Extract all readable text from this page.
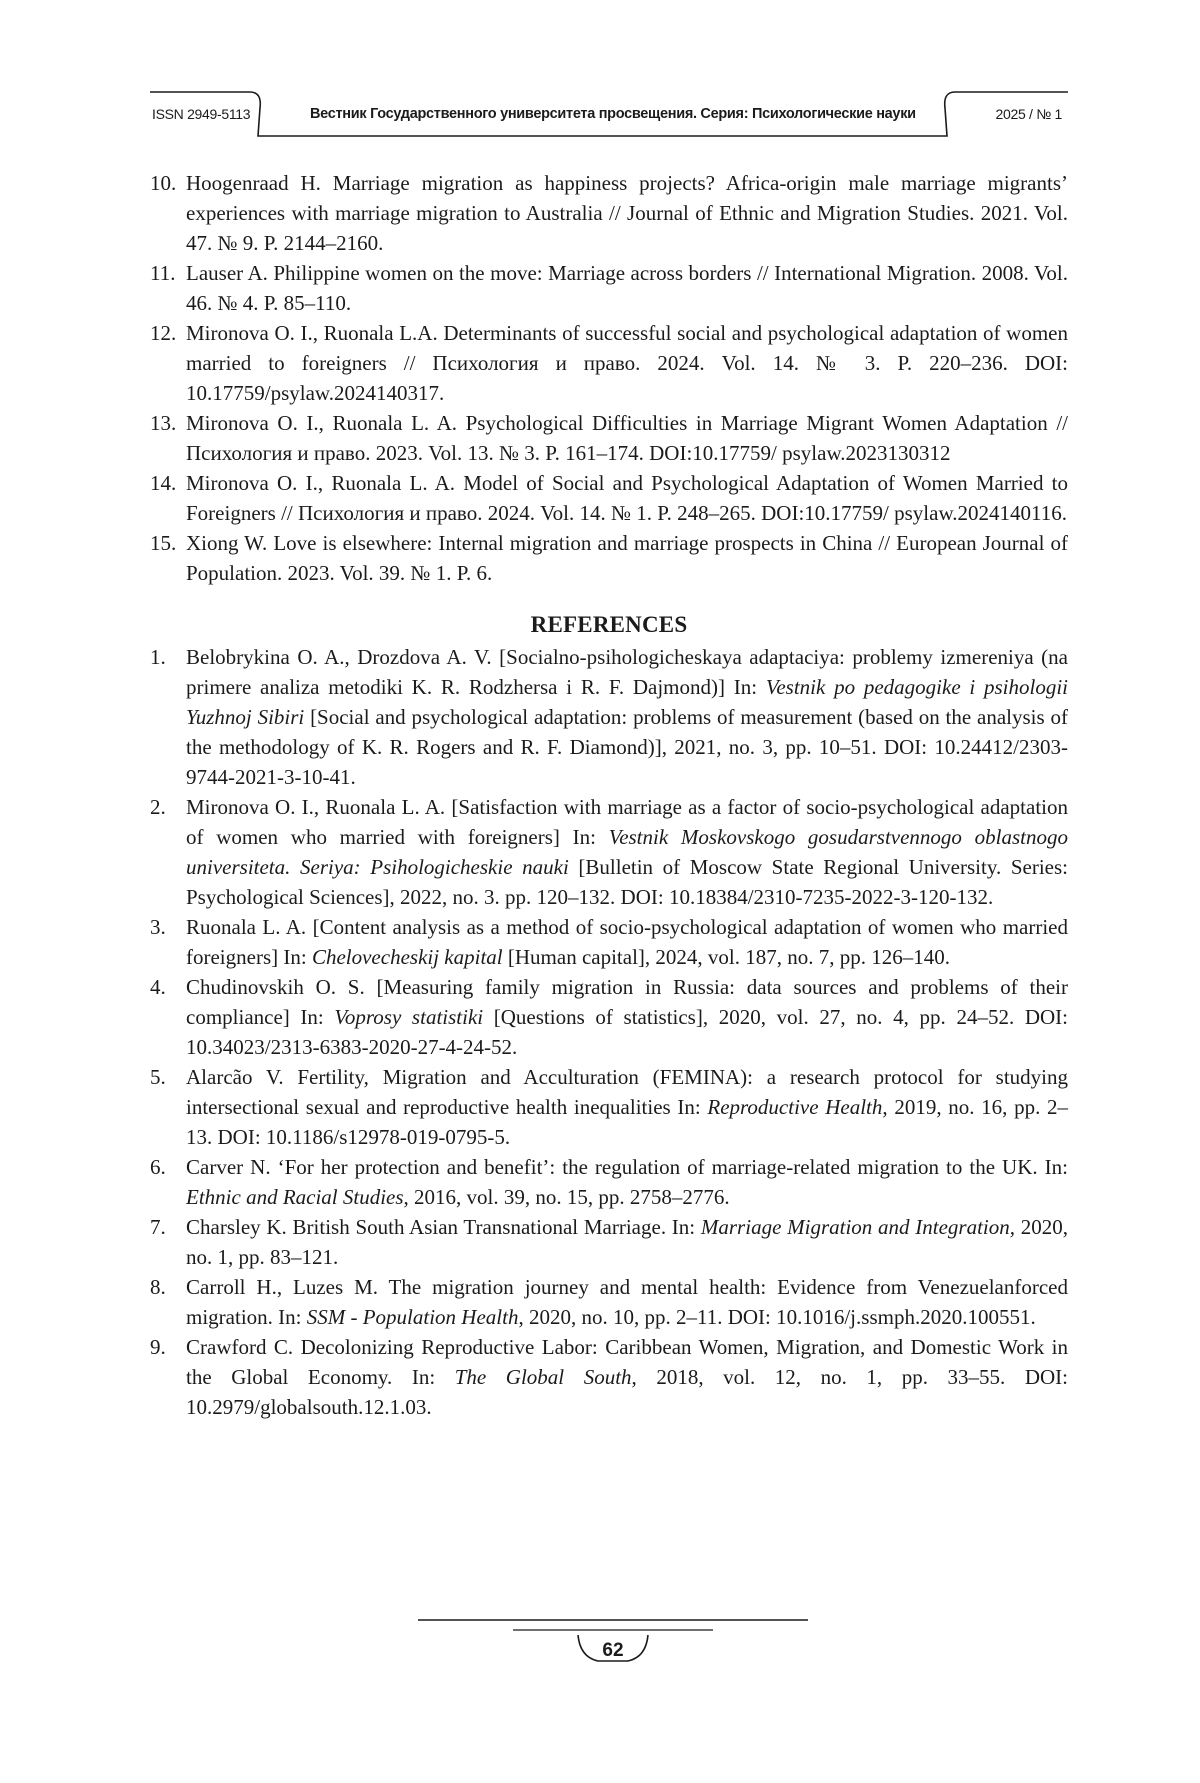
ISSN 2949-5113	Вестник Государственного университета просвещения. Серия: Психологические науки	2025 / № 1
10. Hoogenraad H. Marriage migration as happiness projects? Africa-origin male marriage migrants’ experiences with marriage migration to Australia // Journal of Ethnic and Migration Studies. 2021. Vol. 47. № 9. P. 2144–2160.
11. Lauser A. Philippine women on the move: Marriage across borders // International Migration. 2008. Vol. 46. № 4. P. 85–110.
12. Mironova O. I., Ruonala L.A. Determinants of successful social and psychological adaptation of women married to foreigners // Психология и право. 2024. Vol. 14. № 3. P. 220–236. DOI: 10.17759/psylaw.2024140317.
13. Mironova O. I., Ruonala L. A. Psychological Difficulties in Marriage Migrant Women Adaptation // Психология и право. 2023. Vol. 13. № 3. P. 161–174. DOI:10.17759/ psylaw.2023130312
14. Mironova O. I., Ruonala L. A. Model of Social and Psychological Adaptation of Women Married to Foreigners // Психология и право. 2024. Vol. 14. № 1. P. 248–265. DOI:10.17759/ psylaw.2024140116.
15. Xiong W. Love is elsewhere: Internal migration and marriage prospects in China // European Journal of Population. 2023. Vol. 39. № 1. P. 6.
REFERENCES
1. Belobrykina O. A., Drozdova A. V. [Socialno-psihologicheskaya adaptaciya: problemy izmereniya (na primere analiza metodiki K. R. Rodzhersa i R. F. Dajmond)] In: Vestnik po pedagogike i psihologii Yuzhnoj Sibiri [Social and psychological adaptation: problems of measurement (based on the analysis of the methodology of K. R. Rogers and R. F. Diamond)], 2021, no. 3, pp. 10–51. DOI: 10.24412/2303-9744-2021-3-10-41.
2. Mironova O. I., Ruonala L. A. [Satisfaction with marriage as a factor of socio-psychological adaptation of women who married with foreigners] In: Vestnik Moskovskogo gosudarstvennogo oblastnogo universiteta. Seriya: Psihologicheskie nauki [Bulletin of Moscow State Regional University. Series: Psychological Sciences], 2022, no. 3. pp. 120–132. DOI: 10.18384/2310-7235-2022-3-120-132.
3. Ruonala L. A. [Content analysis as a method of socio-psychological adaptation of women who married foreigners] In: Chelovecheskij kapital [Human capital], 2024, vol. 187, no. 7, pp. 126–140.
4. Chudinovskih O. S. [Measuring family migration in Russia: data sources and problems of their compliance] In: Voprosy statistiki [Questions of statistics], 2020, vol. 27, no. 4, pp. 24–52. DOI: 10.34023/2313-6383-2020-27-4-24-52.
5. Alarcão V. Fertility, Migration and Acculturation (FEMINA): a research protocol for studying intersectional sexual and reproductive health inequalities In: Reproductive Health, 2019, no. 16, pp. 2–13. DOI: 10.1186/s12978-019-0795-5.
6. Carver N. ‘For her protection and benefit’: the regulation of marriage-related migration to the UK. In: Ethnic and Racial Studies, 2016, vol. 39, no. 15, pp. 2758–2776.
7. Charsley K. British South Asian Transnational Marriage. In: Marriage Migration and Integration, 2020, no. 1, pp. 83–121.
8. Carroll H., Luzes M. The migration journey and mental health: Evidence from Venezuelanforced migration. In: SSM - Population Health, 2020, no. 10, pp. 2–11. DOI: 10.1016/j.ssmph.2020.100551.
9. Crawford C. Decolonizing Reproductive Labor: Caribbean Women, Migration, and Domestic Work in the Global Economy. In: The Global South, 2018, vol. 12, no. 1, pp. 33–55. DOI: 10.2979/globalsouth.12.1.03.
62
